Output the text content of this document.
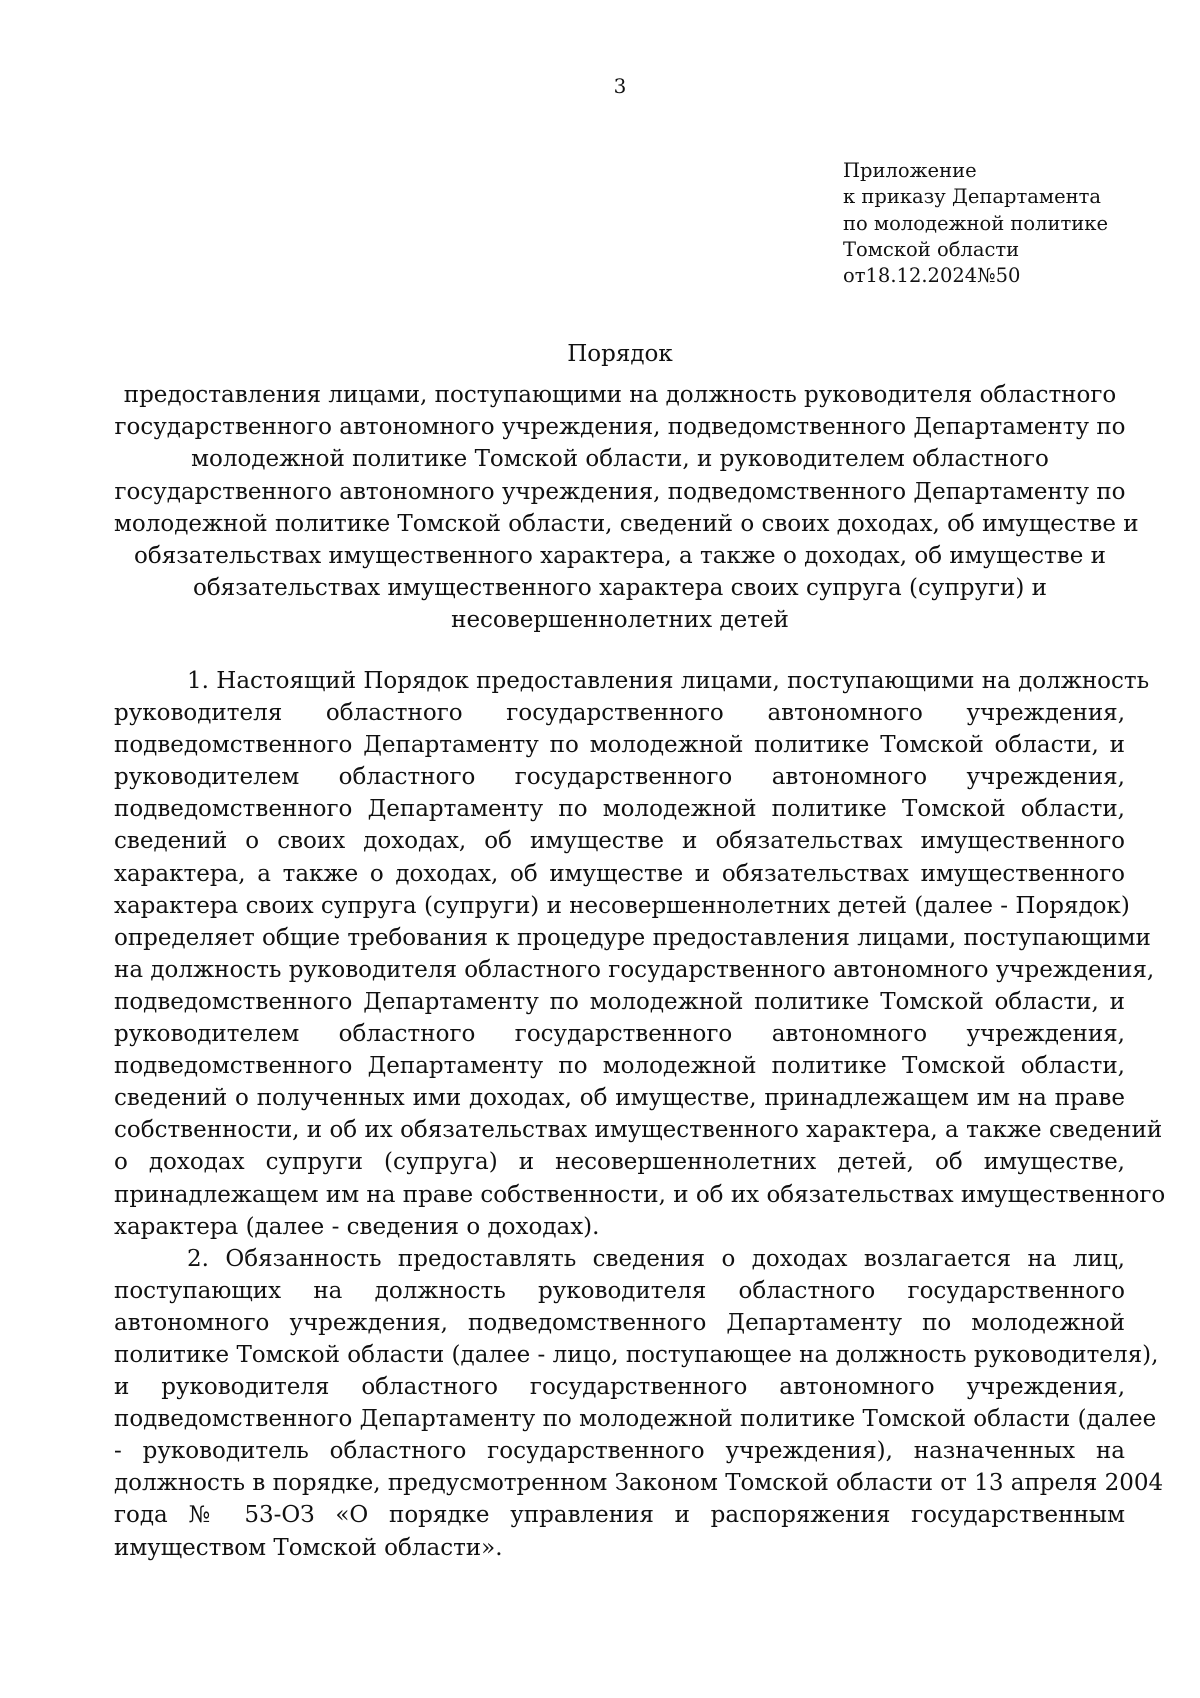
3
Приложение
к приказу Департамента
по молодежной политике
Томской области
от18.12.2024№50
Порядок
предоставления лицами, поступающими на должность руководителя областного
государственного автономного учреждения, подведомственного Департаменту по
молодежной политике Томской области, и руководителем областного
государственного автономного учреждения, подведомственного Департаменту по
молодежной политике Томской области, сведений о своих доходах, об имуществе и
обязательствах имущественного характера, а также о доходах, об имуществе и
обязательствах имущественного характера своих супруга (супруги) и
несовершеннолетних детей
1. Настоящий Порядок предоставления лицами, поступающими на должность
руководителя областного государственного автономного учреждения,
подведомственного Департаменту по молодежной политике Томской области, и
руководителем областного государственного автономного учреждения,
подведомственного Департаменту по молодежной политике Томской области,
сведений о своих доходах, об имуществе и обязательствах имущественного
характера, а также о доходах, об имуществе и обязательствах имущественного
характера своих супруга (супруги) и несовершеннолетних детей (далее - Порядок)
определяет общие требования к процедуре предоставления лицами, поступающими
на должность руководителя областного государственного автономного учреждения,
подведомственного Департаменту по молодежной политике Томской области, и
руководителем областного государственного автономного учреждения,
подведомственного Департаменту по молодежной политике Томской области,
сведений о полученных ими доходах, об имуществе, принадлежащем им на праве
собственности, и об их обязательствах имущественного характера, а также сведений
о доходах супруги (супруга) и несовершеннолетних детей, об имуществе,
принадлежащем им на праве собственности, и об их обязательствах имущественного
характера (далее - сведения о доходах).
2. Обязанность предоставлять сведения о доходах возлагается на лиц,
поступающих на должность руководителя областного государственного
автономного учреждения, подведомственного Департаменту по молодежной
политике Томской области (далее - лицо, поступающее на должность руководителя),
и руководителя областного государственного автономного учреждения,
подведомственного Департаменту по молодежной политике Томской области (далее
- руководитель областного государственного учреждения), назначенных на
должность в порядке, предусмотренном Законом Томской области от 13 апреля 2004
года № 53-ОЗ «О порядке управления и распоряжения государственным
имуществом Томской области».
